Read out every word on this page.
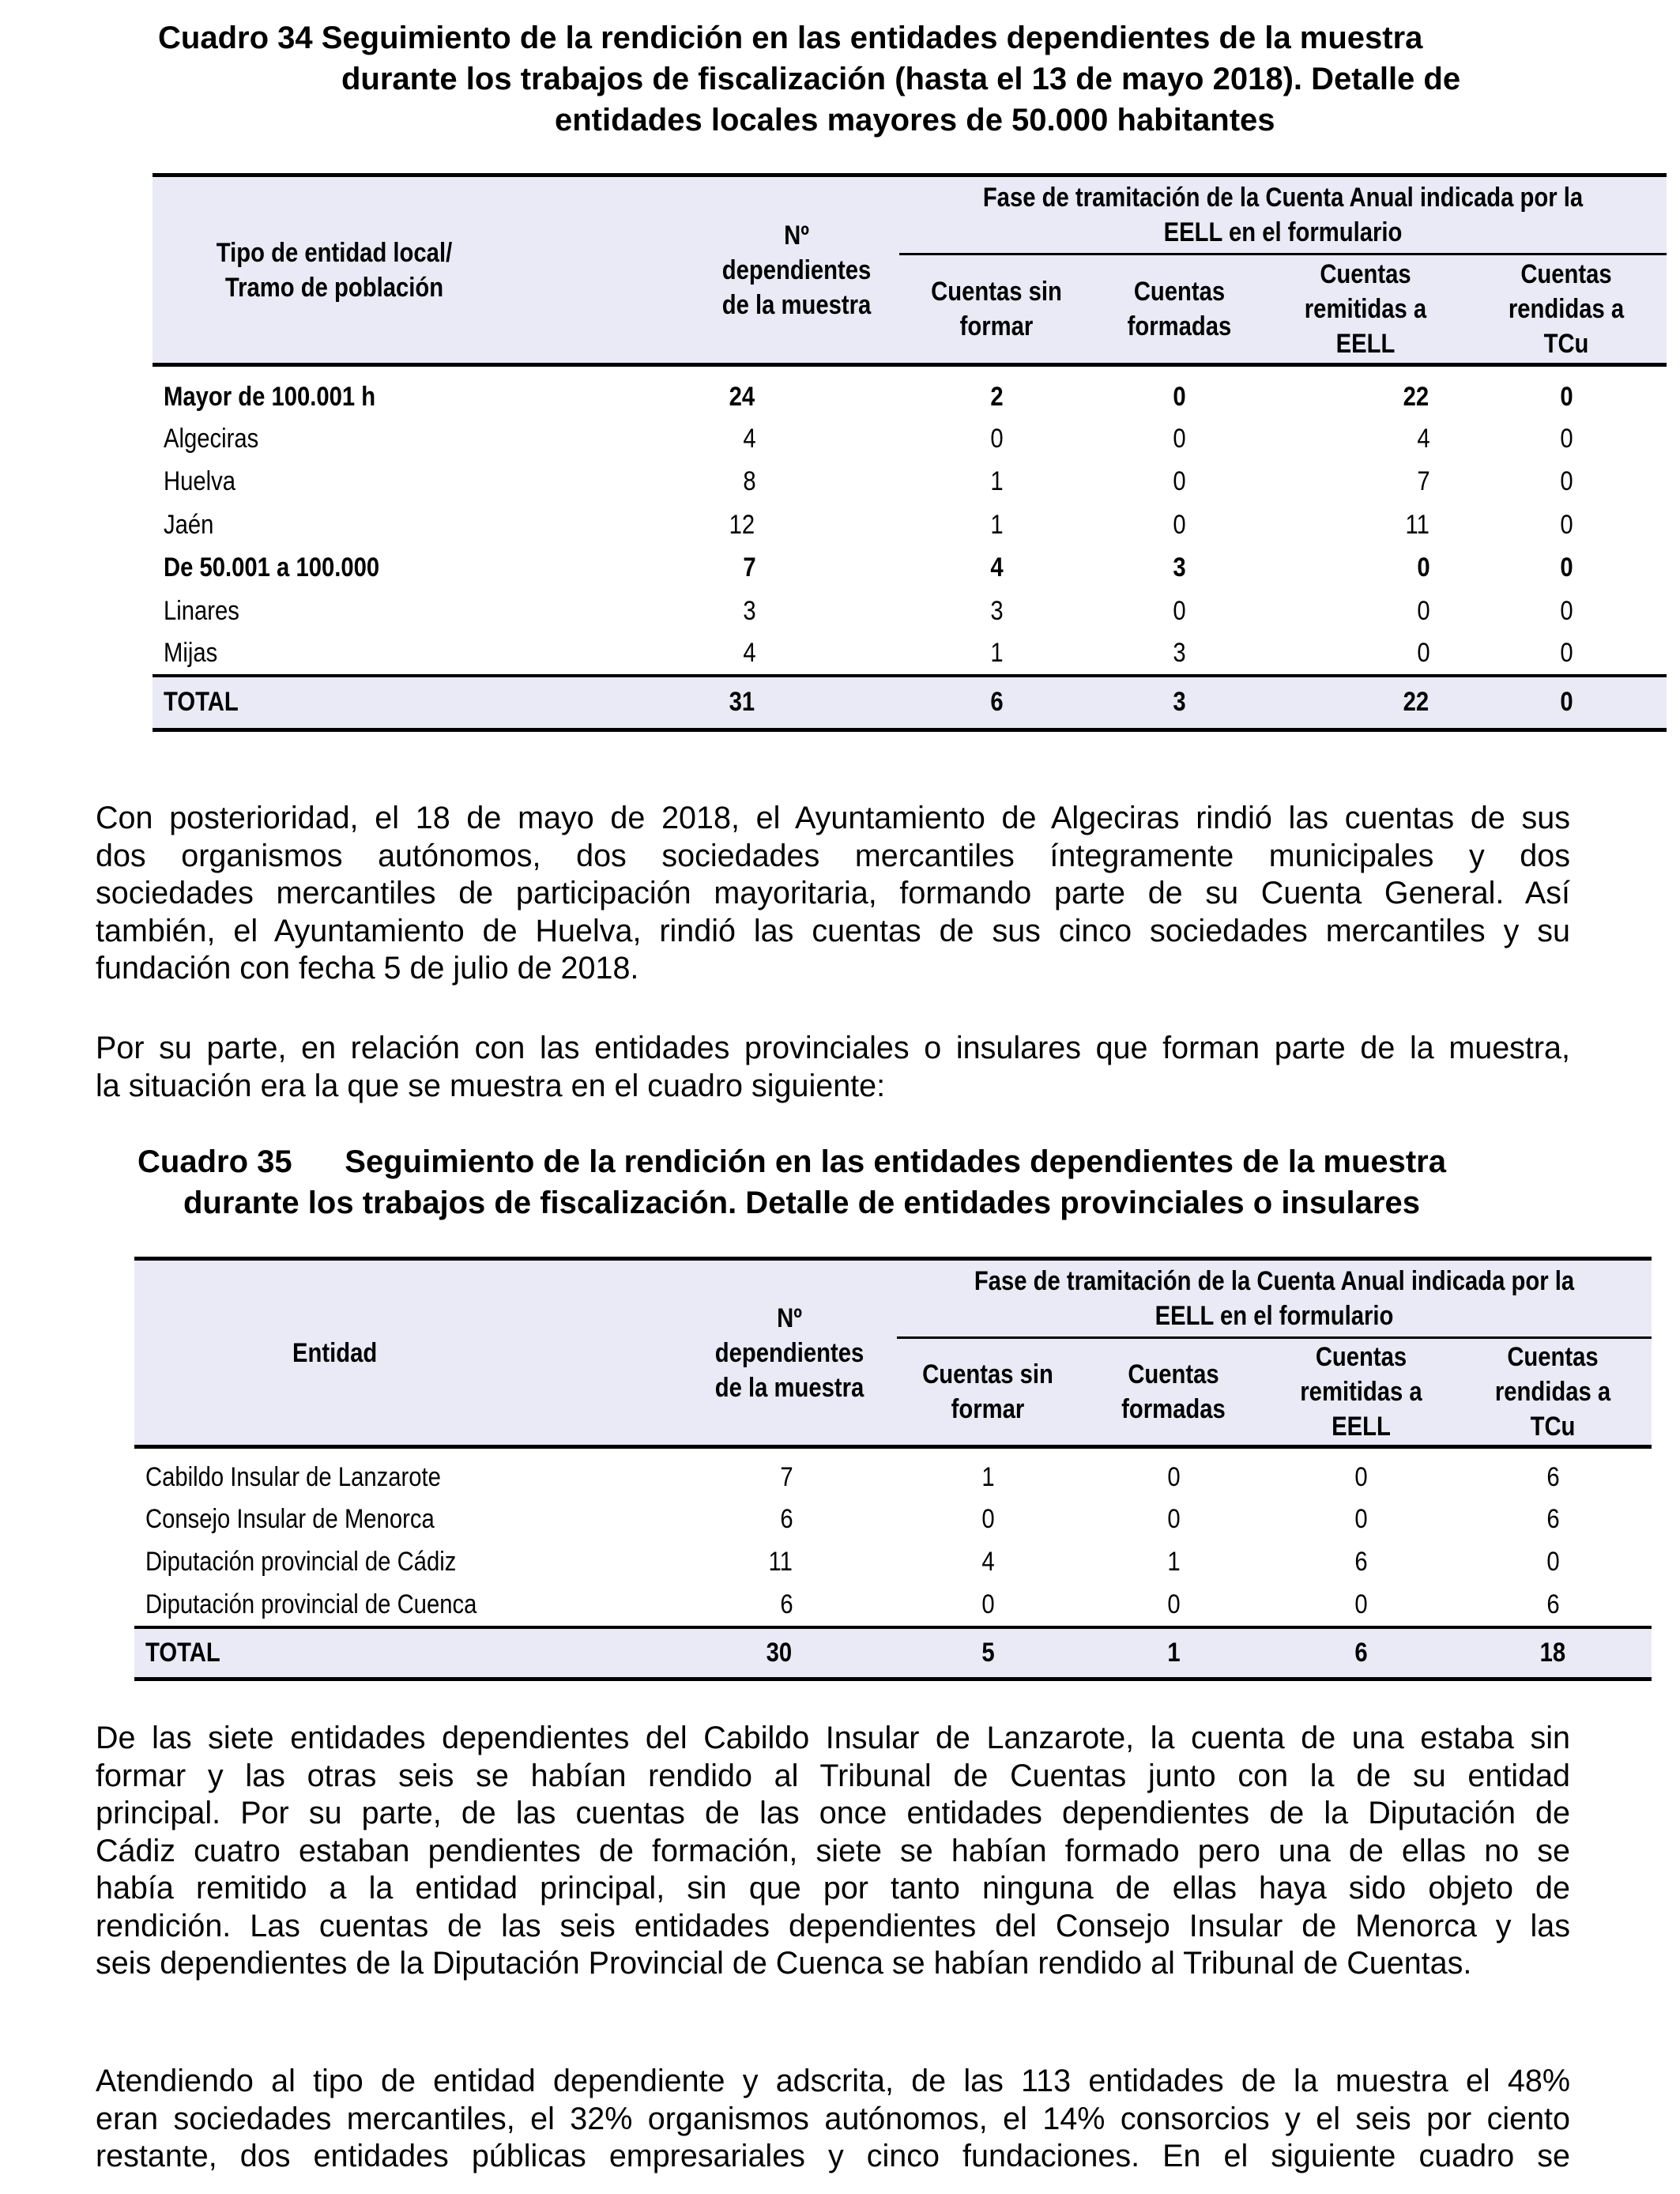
Cuadro 34 Seguimiento de la rendición en las entidades dependientes de la muestra
durante los trabajos de fiscalización (hasta el 13 de mayo 2018). Detalle de
entidades locales mayores de 50.000 habitantes
Tipo de entidad local/ Tramo de población	Nº dependientes de la muestra	Fase de tramitación de la Cuenta Anual indicada por la EELL en el formulario			
		Cuentas sin formar	Cuentas formadas	Cuentas remitidas a EELL	Cuentas rendidas a TCu
Mayor de 100.001 h	24	2	0	22	0
Algeciras	4	0	0	4	0
Huelva	8	1	0	7	0
Jaén	12	1	0	11	0
De 50.001 a 100.000	7	4	3	0	0
Linares	3	3	0	0	0
Mijas	4	1	3	0	0
TOTAL	31	6	3	22	0
Con posterioridad, el 18 de mayo de 2018, el Ayuntamiento de Algeciras rindió las cuentas de sus
dos organismos autónomos, dos sociedades mercantiles íntegramente municipales y dos
sociedades mercantiles de participación mayoritaria, formando parte de su Cuenta General. Así
también, el Ayuntamiento de Huelva, rindió las cuentas de sus cinco sociedades mercantiles y su
fundación con fecha 5 de julio de 2018.
Por su parte, en relación con las entidades provinciales o insulares que forman parte de la muestra,
la situación era la que se muestra en el cuadro siguiente:
Cuadro 35      Seguimiento de la rendición en las entidades dependientes de la muestra
durante los trabajos de fiscalización. Detalle de entidades provinciales o insulares
Entidad	Nº dependientes de la muestra	Fase de tramitación de la Cuenta Anual indicada por la EELL en el formulario			
		Cuentas sin formar	Cuentas formadas	Cuentas remitidas a EELL	Cuentas rendidas a TCu
Cabildo Insular de Lanzarote	7	1	0	0	6
Consejo Insular de Menorca	6	0	0	0	6
Diputación provincial de Cádiz	11	4	1	6	0
Diputación provincial de Cuenca	6	0	0	0	6
TOTAL	30	5	1	6	18
De las siete entidades dependientes del Cabildo Insular de Lanzarote, la cuenta de una estaba sin
formar y las otras seis se habían rendido al Tribunal de Cuentas junto con la de su entidad
principal. Por su parte, de las cuentas de las once entidades dependientes de la Diputación de
Cádiz cuatro estaban pendientes de formación, siete se habían formado pero una de ellas no se
había remitido a la entidad principal, sin que por tanto ninguna de ellas haya sido objeto de
rendición. Las cuentas de las seis entidades dependientes del Consejo Insular de Menorca y las
seis dependientes de la Diputación Provincial de Cuenca se habían rendido al Tribunal de Cuentas.
Atendiendo al tipo de entidad dependiente y adscrita, de las 113 entidades de la muestra el 48%
eran sociedades mercantiles, el 32% organismos autónomos, el 14% consorcios y el seis por ciento
restante, dos entidades públicas empresariales y cinco fundaciones. En el siguiente cuadro se
